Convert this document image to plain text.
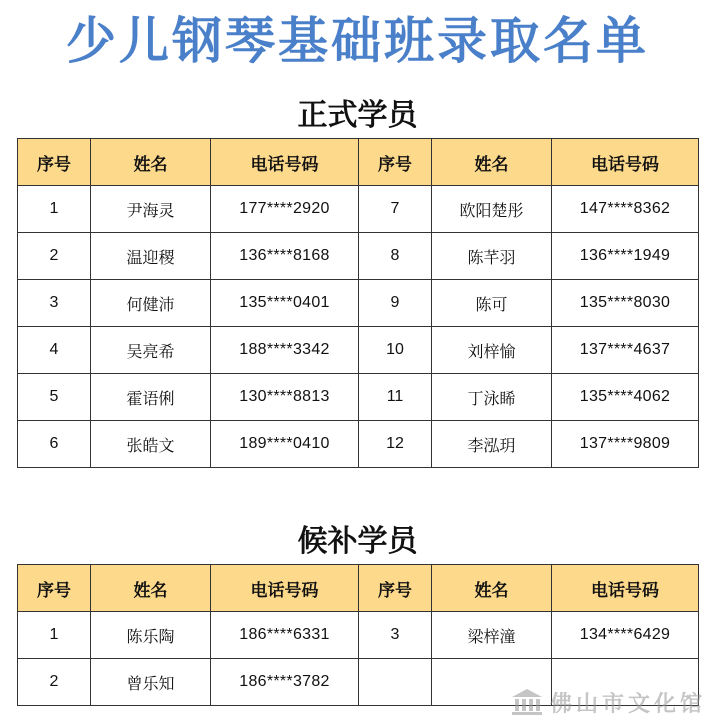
少儿钢琴基础班录取名单
正式学员
序号	姓名	电话号码	序号	姓名	电话号码
1	尹海灵	177****2920	7	欧阳楚彤	147****8362
2	温迎稷	136****8168	8	陈芊羽	136****1949
3	何健沛	135****0401	9	陈可	135****8030
4	吴亮希	188****3342	10	刘梓愉	137****4637
5	霍语俐	130****8813	11	丁泳睎	135****4062
6	张皓文	189****0410	12	李泓玥	137****9809
候补学员
序号	姓名	电话号码	序号	姓名	电话号码
1	陈乐陶	186****6331	3	梁梓潼	134****6429
2	曾乐知	186****3782			
佛山市文化馆
